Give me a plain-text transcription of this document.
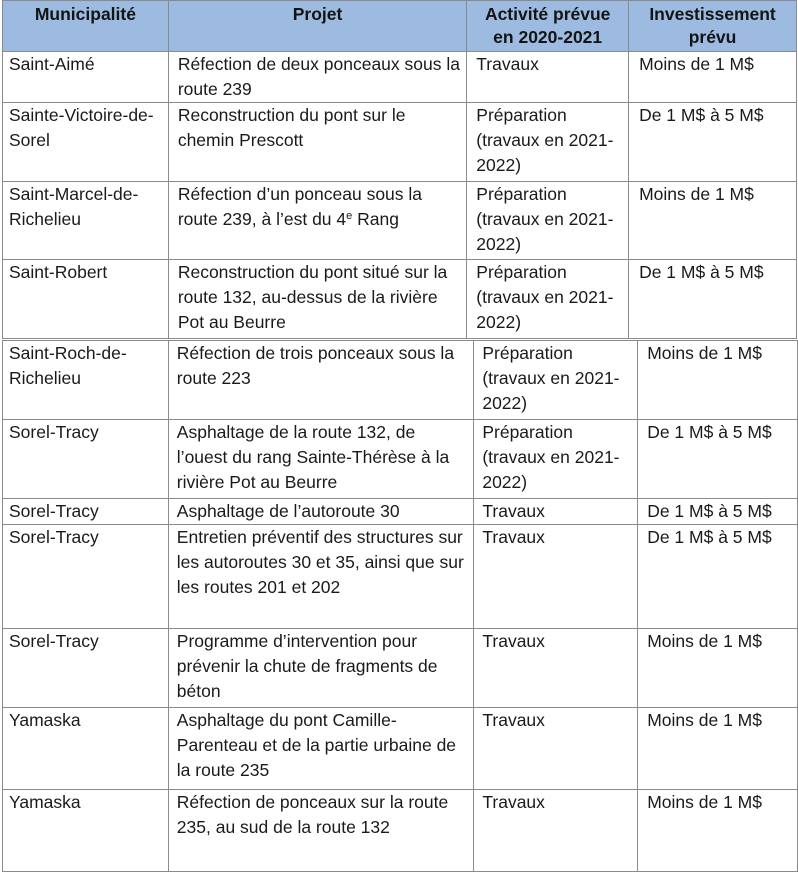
Municipalité	Projet	Activité prévue en 2020-2021	Investissement prévu
Saint-Aimé	Réfection de deux ponceaux sous la route 239	Travaux	Moins de 1 M$
Sainte-Victoire-de-Sorel	Reconstruction du pont sur le chemin Prescott	Préparation (travaux en 2021-2022)	De 1 M$ à 5 M$
Saint-Marcel-de-Richelieu	Réfection d’un ponceau sous la route 239, à l’est du 4e Rang	Préparation (travaux en 2021-2022)	Moins de 1 M$
Saint-Robert	Reconstruction du pont situé sur la route 132, au-dessus de la rivière Pot au Beurre	Préparation (travaux en 2021-2022)	De 1 M$ à 5 M$
Saint-Roch-de-Richelieu	Réfection de trois ponceaux sous la route 223	Préparation (travaux en 2021-2022)	Moins de 1 M$
Sorel-Tracy	Asphaltage de la route 132, de l’ouest du rang Sainte-Thérèse à la rivière Pot au Beurre	Préparation (travaux en 2021-2022)	De 1 M$ à 5 M$
Sorel-Tracy	Asphaltage de l’autoroute 30	Travaux	De 1 M$ à 5 M$
Sorel-Tracy	Entretien préventif des structures sur les autoroutes 30 et 35, ainsi que sur les routes 201 et 202	Travaux	De 1 M$ à 5 M$
Sorel-Tracy	Programme d’intervention pour prévenir la chute de fragments de béton	Travaux	Moins de 1 M$
Yamaska	Asphaltage du pont Camille-Parenteau et de la partie urbaine de la route 235	Travaux	Moins de 1 M$
Yamaska	Réfection de ponceaux sur la route 235, au sud de la route 132	Travaux	Moins de 1 M$
